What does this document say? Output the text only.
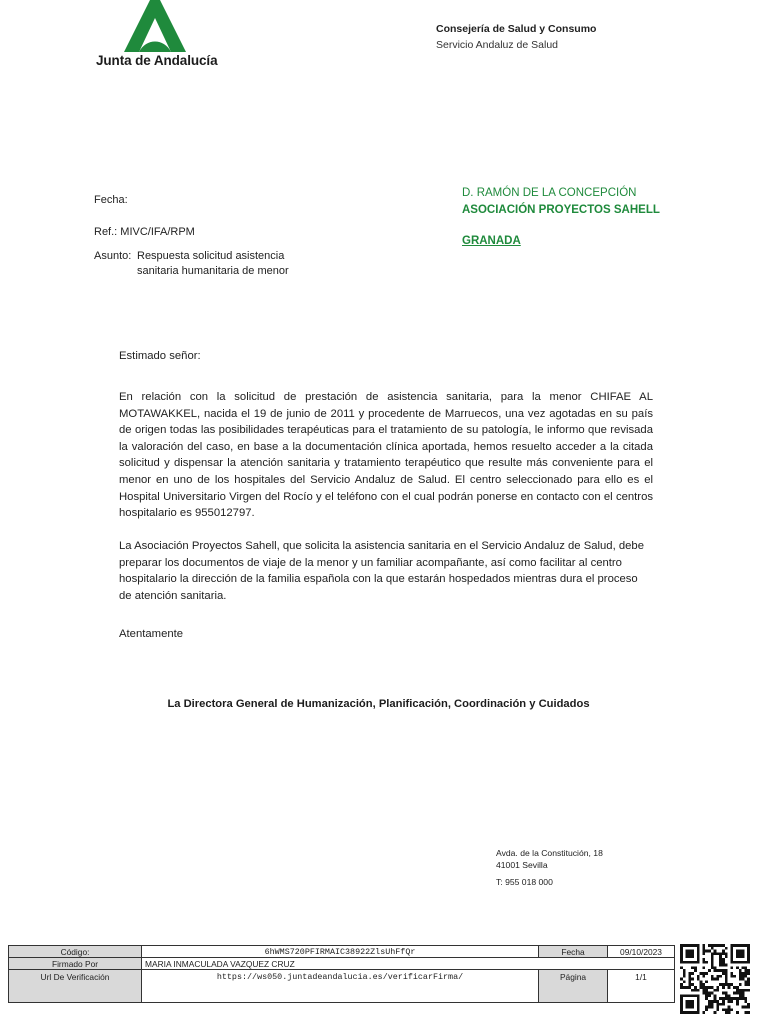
Junta de Andalucía
Consejería de Salud y Consumo
Servicio Andaluz de Salud
Fecha:
Ref.: MIVC/IFA/RPM
Asunto: Respuesta solicitud asistencia
sanitaria humanitaria de menor
D. RAMÓN DE LA CONCEPCIÓN
ASOCIACIÓN PROYECTOS SAHELL
GRANADA
Estimado señor:
En relación con la solicitud de prestación de asistencia sanitaria, para la menor CHIFAE AL MOTAWAKKEL, nacida el 19 de junio de 2011 y procedente de Marruecos, una vez agotadas en su país de origen todas las posibilidades terapéuticas para el tratamiento de su patología, le informo que revisada la valoración del caso, en base a la documentación clínica aportada, hemos resuelto acceder a la citada solicitud y dispensar la atención sanitaria y tratamiento terapéutico que resulte más conveniente para el menor en uno de los hospitales del Servicio Andaluz de Salud. El centro seleccionado para ello es el Hospital Universitario Virgen del Rocío y el teléfono con el cual podrán ponerse en contacto con el centros hospitalario es 955012797.
La Asociación Proyectos Sahell, que solicita la asistencia sanitaria en el Servicio Andaluz de Salud, debe preparar los documentos de viaje de la menor y un familiar acompañante, así como facilitar al centro hospitalario la dirección de la familia española con la que estarán hospedados mientras dura el proceso de atención sanitaria.
Atentamente
La Directora General de Humanización, Planificación, Coordinación y Cuidados
Avda. de la Constitución, 18
41001 Sevilla
T: 955 018 000
Código:	6hWMS720PFIRMAIC38922ZlsUhFfQr	Fecha	09/10/2023
Firmado Por	MARIA INMACULADA VAZQUEZ CRUZ		
Url De Verificación	https://ws050.juntadeandalucia.es/verificarFirma/	Página	1/1
